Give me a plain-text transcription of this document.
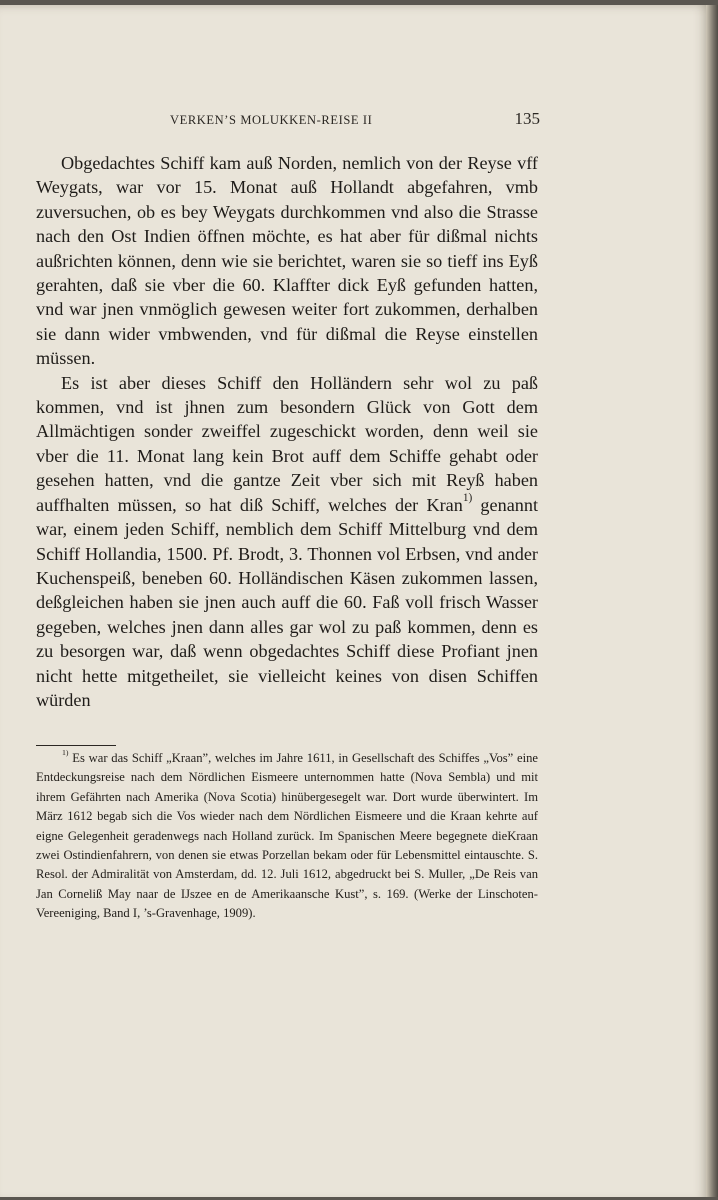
VERKEN’S MOLUKKEN-REISE II	135

Obgedachtes Schiff kam auß Norden, nemlich von der Reyse vff Weygats, war vor 15. Monat auß Hollandt abgefahren, vmb zuversuchen, ob es bey Weygats durchkommen vnd also die Strasse nach den Ost Indien öffnen möchte, es hat aber für dißmal nichts außrichten können, denn wie sie berichtet, waren sie so tieff ins Eyß gerahten, daß sie vber die 60. Klaffter dick Eyß gefunden hatten, vnd war jnen vnmöglich gewesen weiter fort zukommen, derhalben sie dann wider vmbwenden, vnd für dißmal die Reyse einstellen müssen.

Es ist aber dieses Schiff den Holländern sehr wol zu paß kommen, vnd ist jhnen zum besondern Glück von Gott dem Allmächtigen sonder zweiffel zugeschickt worden, denn weil sie vber die 11. Monat lang kein Brot auff dem Schiffe gehabt oder gesehen hatten, vnd die gantze Zeit vber sich mit Reyß haben auffhalten müssen, so hat diß Schiff, welches der Kran$^{1)}$ genannt war, einem jeden Schiff, nemblich dem Schiff Mittelburg vnd dem Schiff Hollandia, 1500. Pf. Brodt, 3. Thonnen vol Erbsen, vnd ander Kuchenspeiß, beneben 60. Holländischen Käsen zukommen lassen, deßgleichen haben sie jnen auch auff die 60. Faß voll frisch Wasser gegeben, welches jnen dann alles gar wol zu paß kommen, denn es zu besorgen war, daß wenn obgedachtes Schiff diese Profiant jnen nicht hette mitgetheilet, sie vielleicht keines von disen Schiffen würden

$^{1)}$ Es war das Schiff „Kraan”, welches im Jahre 1611, in Gesellschaft des Schiffes „Vos” eine Entdeckungsreise nach dem Nördlichen Eismeere unternommen hatte (Nova Sembla) und mit ihrem Gefährten nach Amerika (Nova Scotia) hinübergesegelt war. Dort wurde überwintert. Im März 1612 begab sich die Vos wieder nach dem Nördlichen Eismeere und die Kraan kehrte auf eigne Gelegenheit geradenwegs nach Holland zurück. Im Spanischen Meere begegnete dieKraan zwei Ostindienfahrern, von denen sie etwas Porzellan bekam oder für Lebensmittel eintauschte. S. Resol. der Admiralität von Amsterdam, dd. 12. Juli 1612, abgedruckt bei S. Muller, „De Reis van Jan Corneliß May naar de IJszee en de Amerikaansche Kust”, s. 169. (Werke der Linschoten-Vereeniging, Band I, ’s-Gravenhage, 1909).
